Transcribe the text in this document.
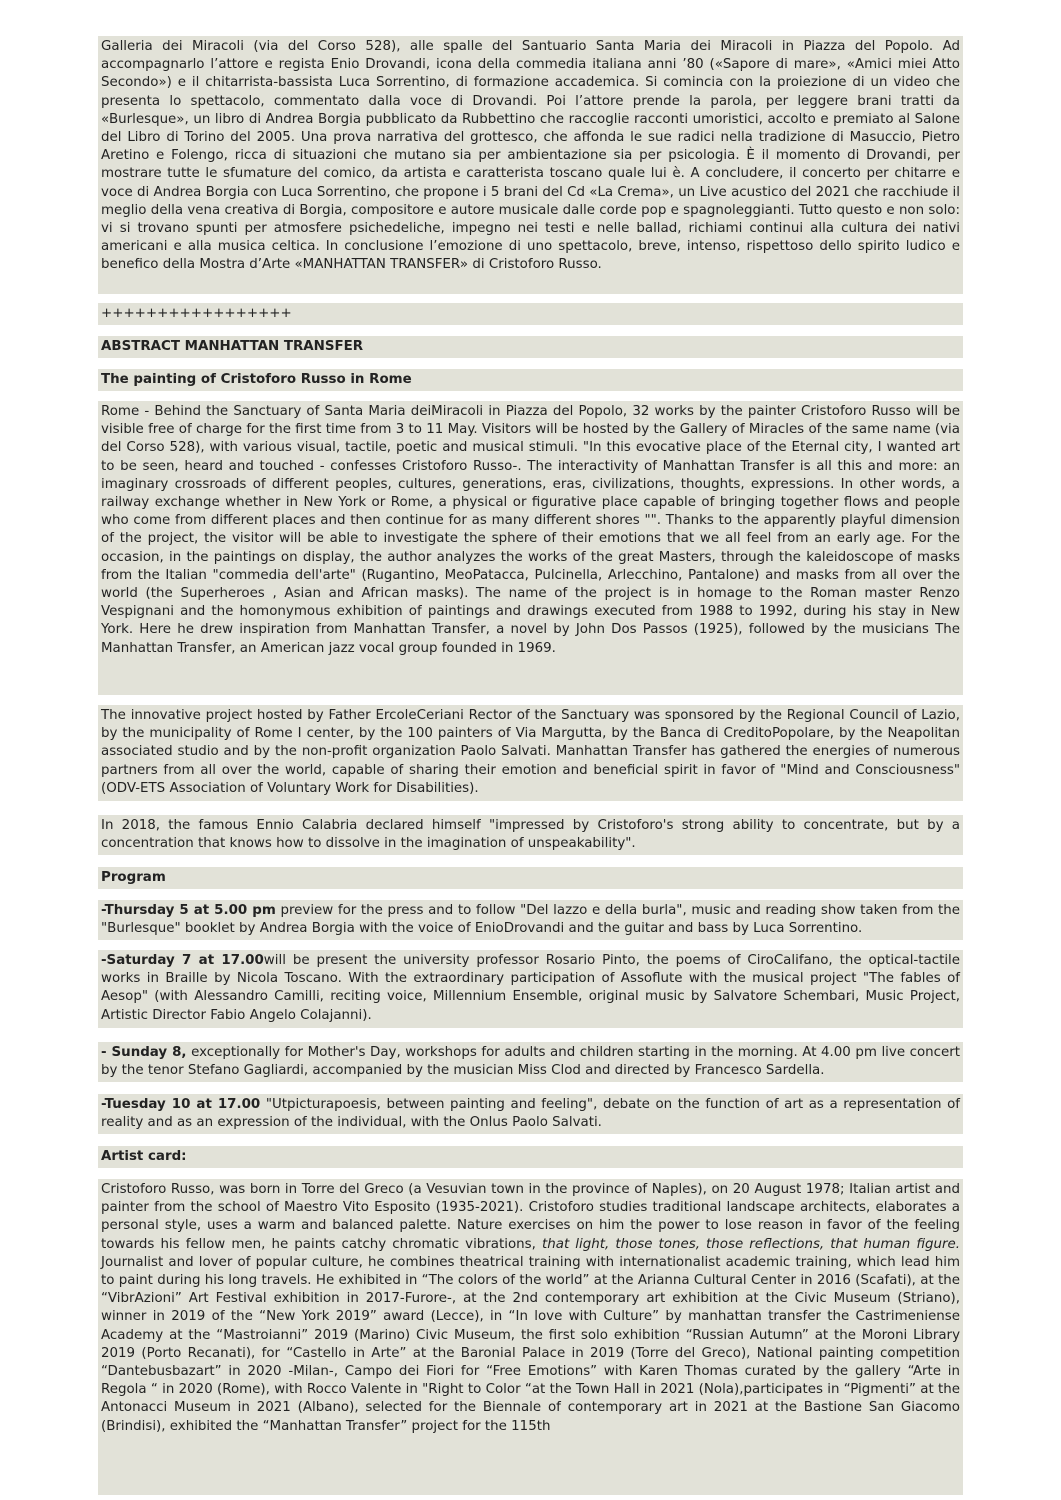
Galleria dei Miracoli (via del Corso 528), alle spalle del Santuario Santa Maria dei Miracoli in Piazza del Popolo. Ad accompagnarlo l’attore e regista Enio Drovandi, icona della commedia italiana anni ’80 («Sapore di mare», «Amici miei Atto Secondo») e il chitarrista-bassista Luca Sorrentino, di formazione accademica. Si comincia con la proiezione di un video che presenta lo spettacolo, commentato dalla voce di Drovandi. Poi l’attore prende la parola, per leggere brani tratti da «Burlesque», un libro di Andrea Borgia pubblicato da Rubbettino che raccoglie racconti umoristici, accolto e premiato al Salone del Libro di Torino del 2005. Una prova narrativa del grottesco, che affonda le sue radici nella tradizione di Masuccio, Pietro Aretino e Folengo, ricca di situazioni che mutano sia per ambientazione sia per psicologia. È il momento di Drovandi, per mostrare tutte le sfumature del comico, da artista e caratterista toscano quale lui è. A concludere, il concerto per chitarre e voce di Andrea Borgia con Luca Sorrentino, che propone i 5 brani del Cd «La Crema», un Live acustico del 2021 che racchiude il meglio della vena creativa di Borgia, compositore e autore musicale dalle corde pop e spagnoleggianti. Tutto questo e non solo: vi si trovano spunti per atmosfere psichedeliche, impegno nei testi e nelle ballad, richiami continui alla cultura dei nativi americani e alla musica celtica. In conclusione l’emozione di uno spettacolo, breve, intenso, rispettoso dello spirito ludico e benefico della Mostra d’Arte «MANHATTAN TRANSFER» di Cristoforo Russo.

+++++++++++++++++

ABSTRACT MANHATTAN TRANSFER

The painting of Cristoforo Russo in Rome

Rome - Behind the Sanctuary of Santa Maria deiMiracoli in Piazza del Popolo, 32 works by the painter Cristoforo Russo will be visible free of charge for the first time from 3 to 11 May. Visitors will be hosted by the Gallery of Miracles of the same name (via del Corso 528), with various visual, tactile, poetic and musical stimuli. "In this evocative place of the Eternal city, I wanted art to be seen, heard and touched - confesses Cristoforo Russo-. The interactivity of Manhattan Transfer is all this and more: an imaginary crossroads of different peoples, cultures, generations, eras, civilizations, thoughts, expressions. In other words, a railway exchange whether in New York or Rome, a physical or figurative place capable of bringing together flows and people who come from different places and then continue for as many different shores "". Thanks to the apparently playful dimension of the project, the visitor will be able to investigate the sphere of their emotions that we all feel from an early age. For the occasion, in the paintings on display, the author analyzes the works of the great Masters, through the kaleidoscope of masks from the Italian "commedia dell'arte" (Rugantino, MeoPatacca, Pulcinella, Arlecchino, Pantalone) and masks from all over the world (the Superheroes , Asian and African masks). The name of the project is in homage to the Roman master Renzo Vespignani and the homonymous exhibition of paintings and drawings executed from 1988 to 1992, during his stay in New York. Here he drew inspiration from Manhattan Transfer, a novel by John Dos Passos (1925), followed by the musicians The Manhattan Transfer, an American jazz vocal group founded in 1969.

The innovative project hosted by Father ErcoleCeriani Rector of the Sanctuary was sponsored by the Regional Council of Lazio, by the municipality of Rome I center, by the 100 painters of Via Margutta, by the Banca di CreditoPopolare, by the Neapolitan associated studio and by the non-profit organization Paolo Salvati. Manhattan Transfer has gathered the energies of numerous partners from all over the world, capable of sharing their emotion and beneficial spirit in favor of "Mind and Consciousness" (ODV-ETS Association of Voluntary Work for Disabilities).

In 2018, the famous Ennio Calabria declared himself "impressed by Cristoforo's strong ability to concentrate, but by a concentration that knows how to dissolve in the imagination of unspeakability".

Program

-Thursday 5 at 5.00 pm preview for the press and to follow "Del lazzo e della burla", music and reading show taken from the "Burlesque" booklet by Andrea Borgia with the voice of EnioDrovandi and the guitar and bass by Luca Sorrentino.

-Saturday 7 at 17.00will be present the university professor Rosario Pinto, the poems of CiroCalifano, the optical-tactile works in Braille by Nicola Toscano. With the extraordinary participation of Assoflute with the musical project "The fables of Aesop" (with Alessandro Camilli, reciting voice, Millennium Ensemble, original music by Salvatore Schembari, Music Project, Artistic Director Fabio Angelo Colajanni).

- Sunday 8, exceptionally for Mother's Day, workshops for adults and children starting in the morning. At 4.00 pm live concert by the tenor Stefano Gagliardi, accompanied by the musician Miss Clod and directed by Francesco Sardella.

-Tuesday 10 at 17.00 "Utpicturapoesis, between painting and feeling", debate on the function of art as a representation of reality and as an expression of the individual, with the Onlus Paolo Salvati.

Artist card:

Cristoforo Russo, was born in Torre del Greco (a Vesuvian town in the province of Naples), on 20 August 1978; Italian artist and painter from the school of Maestro Vito Esposito (1935-2021). Cristoforo studies traditional landscape architects, elaborates a personal style, uses a warm and balanced palette. Nature exercises on him the power to lose reason in favor of the feeling towards his fellow men, he paints catchy chromatic vibrations, that light, those tones, those reflections, that human figure. Journalist and lover of popular culture, he combines theatrical training with internationalist academic training, which lead him to paint during his long travels. He exhibited in “The colors of the world” at the Arianna Cultural Center in 2016 (Scafati), at the “VibrAzioni” Art Festival exhibition in 2017-Furore-, at the 2nd contemporary art exhibition at the Civic Museum (Striano), winner in 2019 of the “New York 2019” award (Lecce), in “In love with Culture” by manhattan transfer the Castrimeniense Academy at the “Mastroianni” 2019 (Marino) Civic Museum, the first solo exhibition “Russian Autumn” at the Moroni Library 2019 (Porto Recanati), for “Castello in Arte” at the Baronial Palace in 2019 (Torre del Greco), National painting competition “Dantebusbazart” in 2020 -Milan-, Campo dei Fiori for “Free Emotions” with Karen Thomas curated by the gallery “Arte in Regola “ in 2020 (Rome), with Rocco Valente in "Right to Color “at the Town Hall in 2021 (Nola),participates in “Pigmenti” at the Antonacci Museum in 2021 (Albano), selected for the Biennale of contemporary art in 2021 at the Bastione San Giacomo (Brindisi), exhibited the “Manhattan Transfer” project for the 115th
